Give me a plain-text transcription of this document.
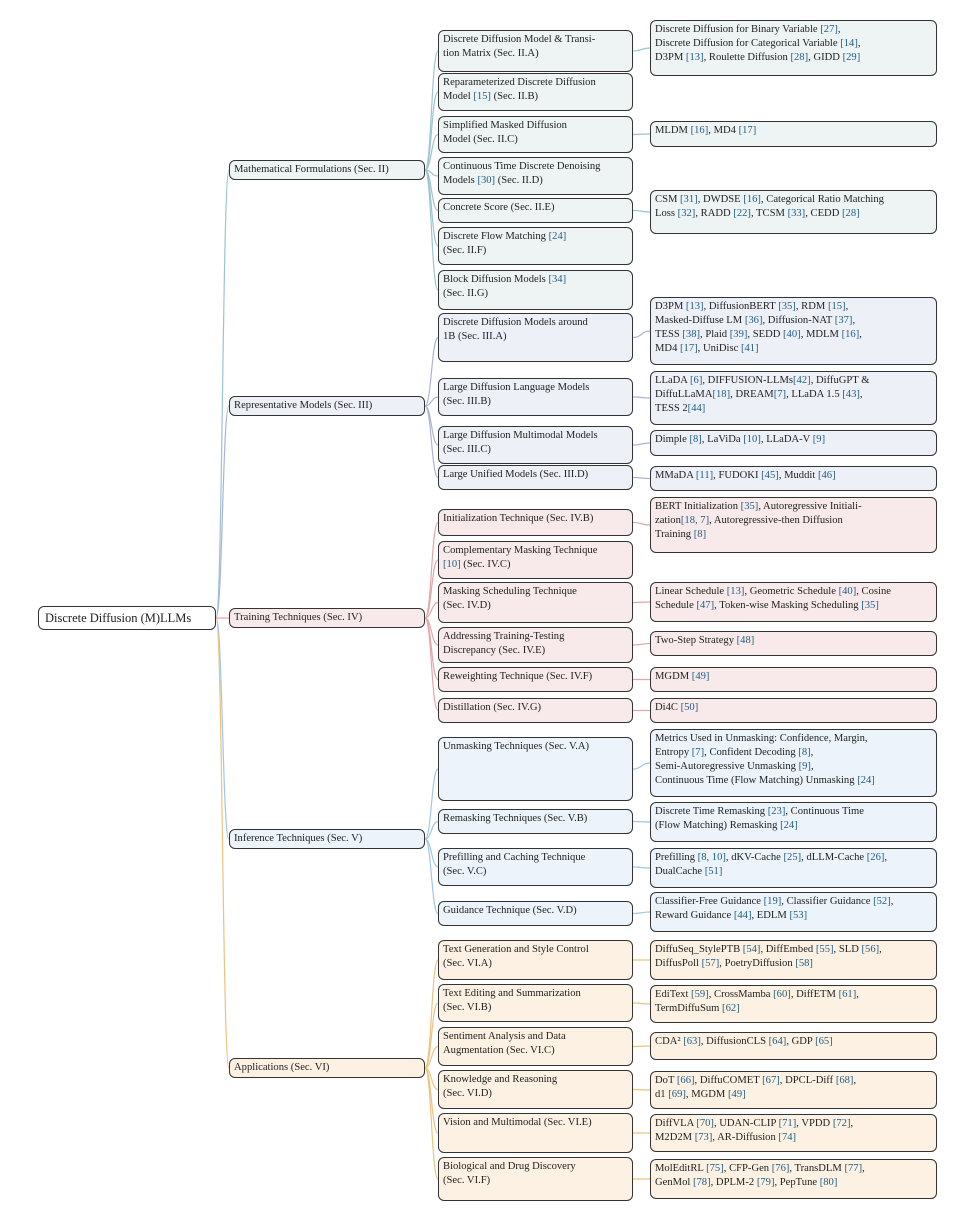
Discrete Diffusion (M)LLMs
Mathematical Formulations (Sec. II)
Representative Models (Sec. III)
Training Techniques (Sec. IV)
Inference Techniques (Sec. V)
Applications (Sec. VI)
Discrete Diffusion Model & Transi-
tion Matrix (Sec. II.A)
Discrete Diffusion for Binary Variable [27],
Discrete Diffusion for Categorical Variable [14],
D3PM [13], Roulette Diffusion [28], GIDD [29]
Reparameterized Discrete Diffusion
Model [15] (Sec. II.B)
Simplified Masked Diffusion
Model (Sec. II.C)
MLDM [16], MD4 [17]
Continuous Time Discrete Denoising
Models [30] (Sec. II.D)
Concrete Score (Sec. II.E)
CSM [31], DWDSE [16], Categorical Ratio Matching
Loss [32], RADD [22], TCSM [33], CEDD [28]
Discrete Flow Matching [24]
(Sec. II.F)
Block Diffusion Models [34]
(Sec. II.G)
Discrete Diffusion Models around
1B (Sec. III.A)
D3PM [13], DiffusionBERT [35], RDM [15],
Masked-Diffuse LM [36], Diffusion-NAT [37],
TESS [38], Plaid [39], SEDD [40], MDLM [16],
MD4 [17], UniDisc [41]
Large Diffusion Language Models
(Sec. III.B)
LLaDA [6], DIFFUSION-LLMs[42], DiffuGPT &
DiffuLLaMA[18], DREAM[7], LLaDA 1.5 [43],
TESS 2[44]
Large Diffusion Multimodal Models
(Sec. III.C)
Dimple [8], LaViDa [10], LLaDA-V [9]
Large Unified Models (Sec. III.D)	MMaDA [11], FUDOKI [45], Muddit [46]
Initialization Technique (Sec. IV.B)
BERT Initialization [35], Autoregressive Initiali-
zation[18, 7], Autoregressive-then Diffusion
Training [8]
Complementary Masking Technique
[10] (Sec. IV.C)
Masking Scheduling Technique
(Sec. IV.D)
Linear Schedule [13], Geometric Schedule [40], Cosine
Schedule [47], Token-wise Masking Scheduling [35]
Addressing Training-Testing
Discrepancy (Sec. IV.E)
Two-Step Strategy [48]
Reweighting Technique (Sec. IV.F)	MGDM [49]
Distillation (Sec. IV.G)	Di4C [50]
Unmasking Techniques (Sec. V.A)
Metrics Used in Unmasking: Confidence, Margin,
Entropy [7], Confident Decoding [8],
Semi-Autoregressive Unmasking [9],
Continuous Time (Flow Matching) Unmasking [24]
Remasking Techniques (Sec. V.B)
Discrete Time Remasking [23], Continuous Time
(Flow Matching) Remasking [24]
Prefilling and Caching Technique
(Sec. V.C)
Prefilling [8, 10], dKV-Cache [25], dLLM-Cache [26],
DualCache [51]
Guidance Technique (Sec. V.D)
Classifier-Free Guidance [19], Classifier Guidance [52],
Reward Guidance [44], EDLM [53]
Text Generation and Style Control
(Sec. VI.A)
DiffuSeq_StylePTB [54], DiffEmbed [55], SLD [56],
DiffusPoll [57], PoetryDiffusion [58]
Text Editing and Summarization
(Sec. VI.B)
EdiText [59], CrossMamba [60], DiffETM [61],
TermDiffuSum [62]
Sentiment Analysis and Data
Augmentation (Sec. VI.C)
CDA² [63], DiffusionCLS [64], GDP [65]
Knowledge and Reasoning
(Sec. VI.D)
DoT [66], DiffuCOMET [67], DPCL-Diff [68],
d1 [69], MGDM [49]
Vision and Multimodal (Sec. VI.E)	DiffVLA [70], UDAN-CLIP [71], VPDD [72],
M2D2M [73], AR-Diffusion [74]
Biological and Drug Discovery
(Sec. VI.F)
MolEditRL [75], CFP-Gen [76], TransDLM [77],
GenMol [78], DPLM-2 [79], PepTune [80]
